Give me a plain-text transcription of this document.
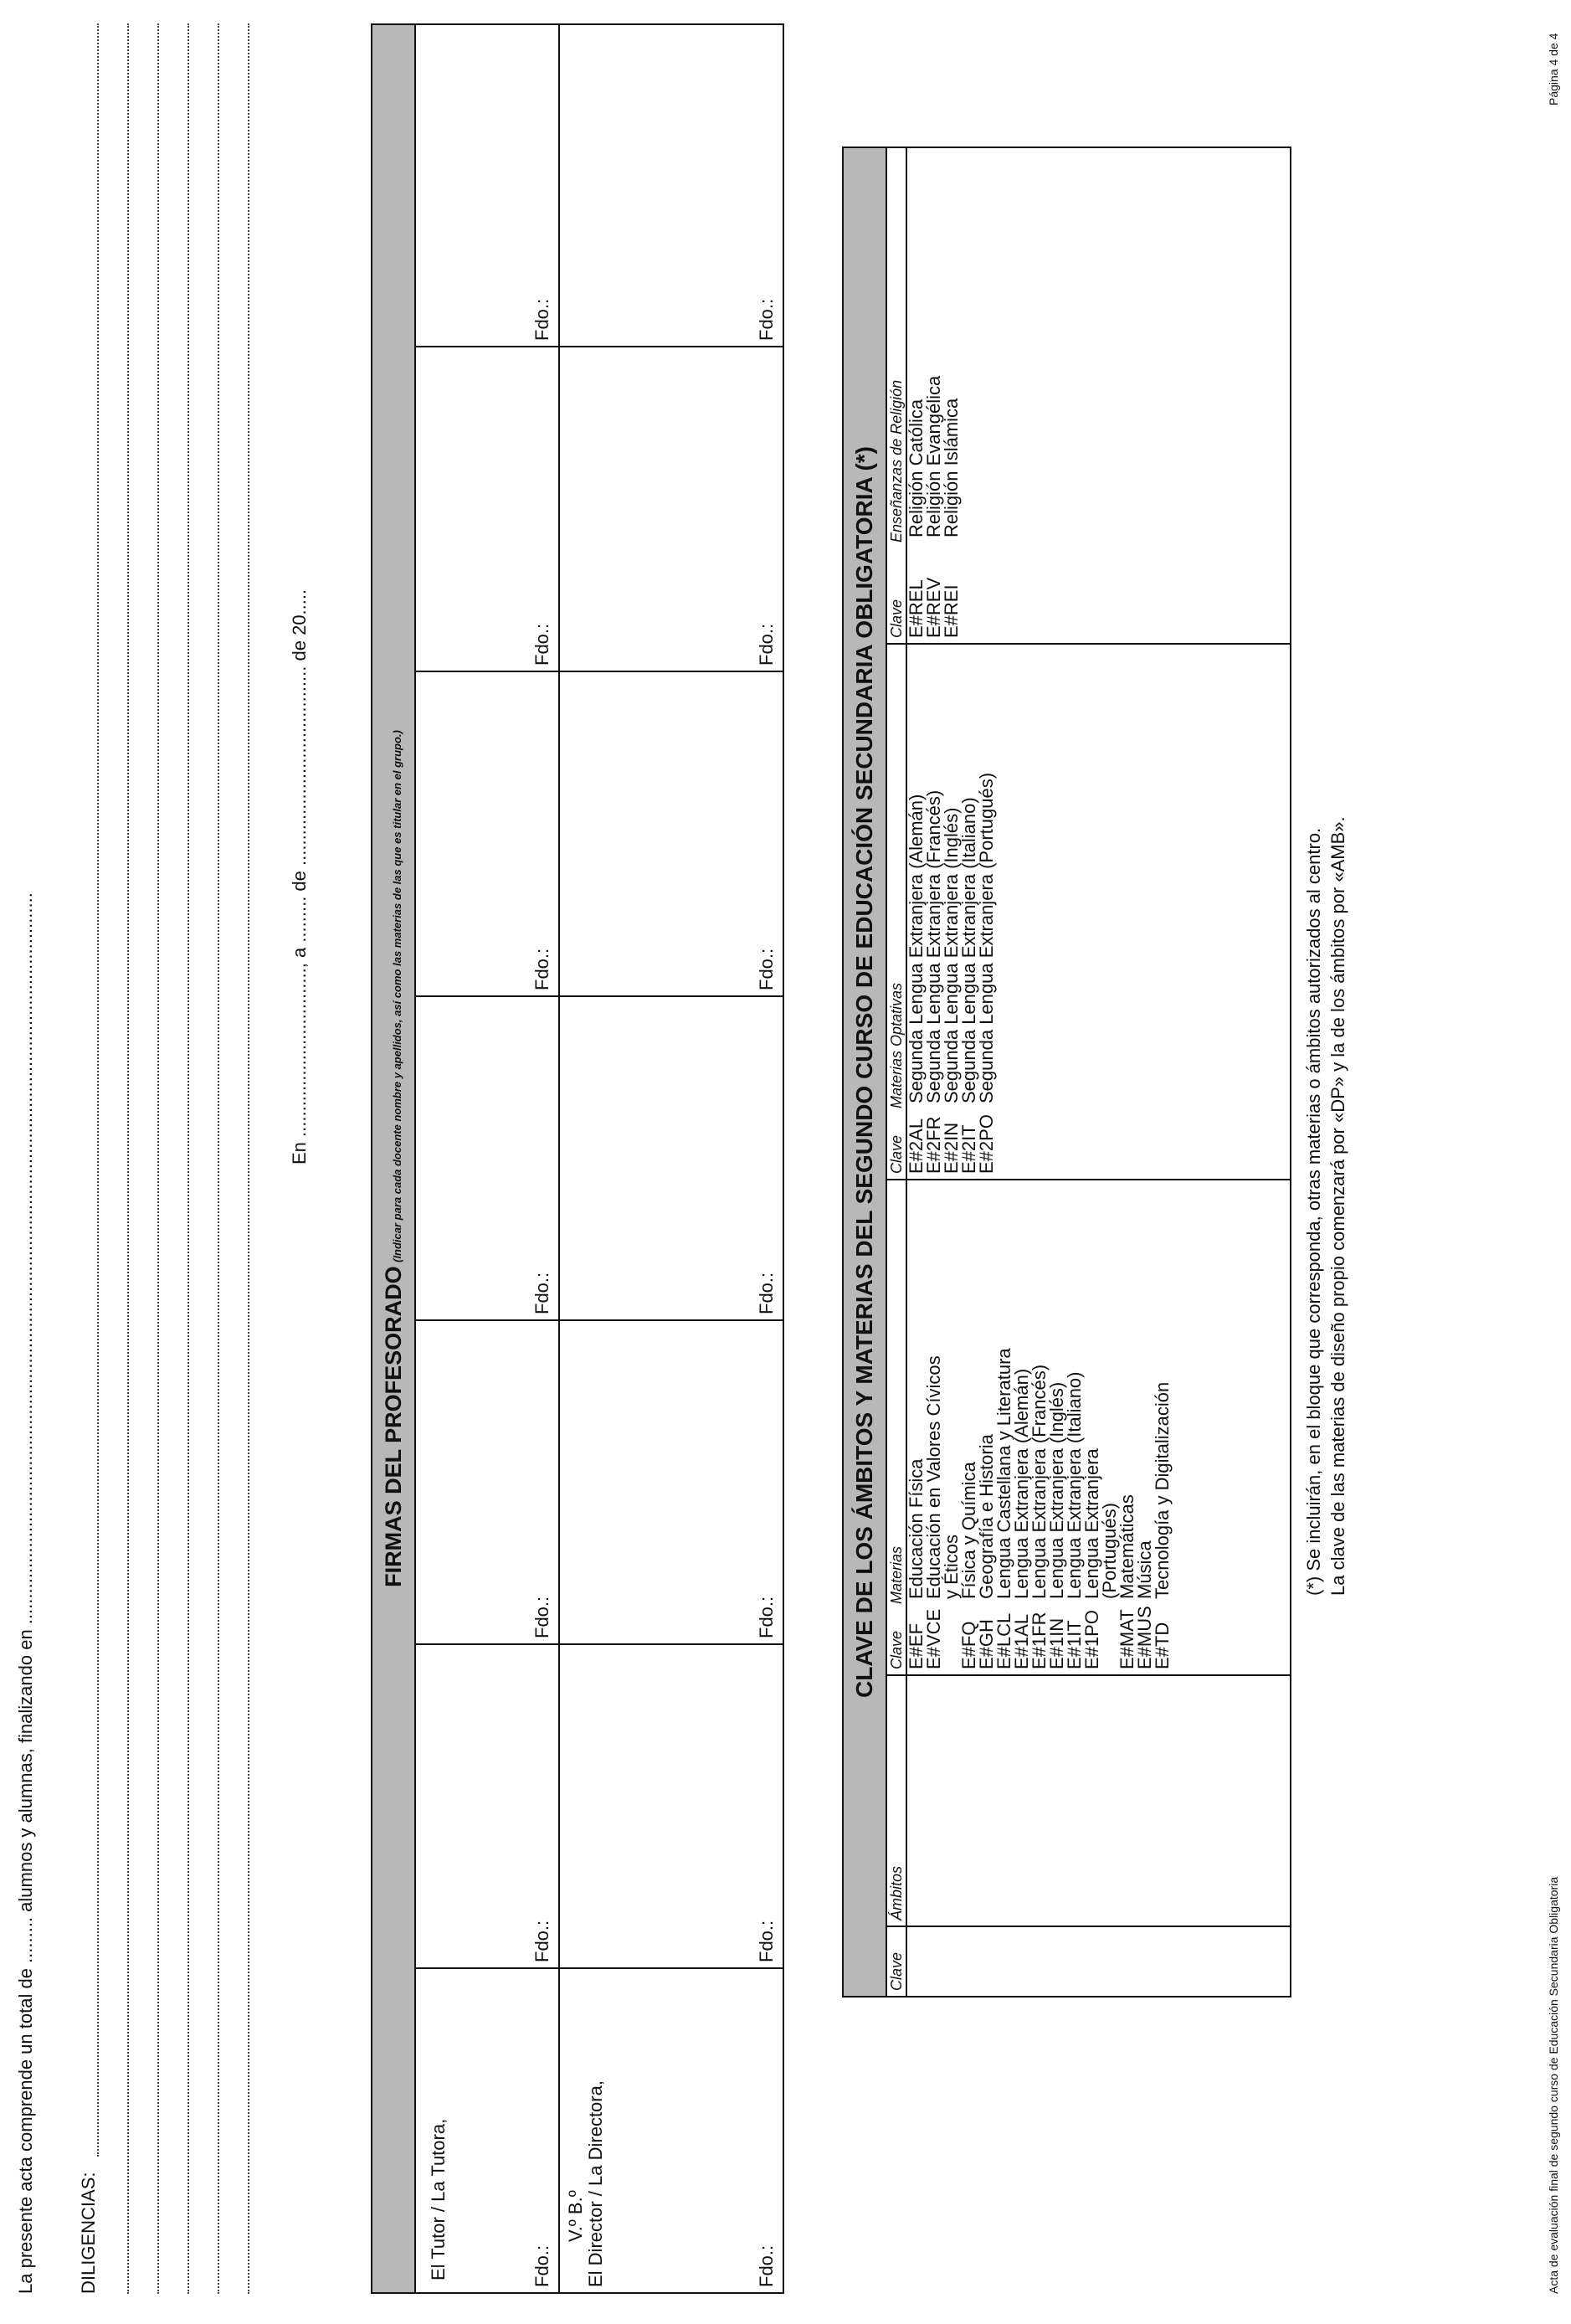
La presente acta comprende un total de ......... alumnos y alumnas, finalizando en ............................................................................................................................................... DILIGENCIAS:
En ................................., a ......... de ....................................... de 20.....
FIRMAS DEL PROFESORADO (Indicar para cada docente nombre y apellidos, así como las materias de las que es titular en el grupo.)
El Tutor / La Tutora,	Fdo.:
Fdo.:
Fdo.:
Fdo.:
Fdo.:
Fdo.:
Fdo.:
V.º B.º El Director / La Directora,	Fdo.:
Fdo.:
Fdo.:
Fdo.:
Fdo.:
Fdo.:
Fdo.:
CLAVE DE LOS ÁMBITOS Y MATERIAS DEL SEGUNDO CURSO DE EDUCACIÓN SECUNDARIA OBLIGATORIA (*)
Clave
Ámbitos
ClaveMaterias
E#EF
Educación Física
E#VCE
Educación en Valores Cívicos y Éticos
E#FQ
Física y Química
E#GH
Geografía e Historia
E#LCL
Lengua Castellana y Literatura
E#1AL
Lengua Extranjera (Alemán)
E#1FR
Lengua Extranjera (Francés)
E#1IN
Lengua Extranjera (Inglés)
E#1IT
Lengua Extranjera (Italiano)
E#1PO
Lengua Extranjera (Portugués)
E#MAT
Matemáticas
E#MUS
Música
E#TD
Tecnología y Digitalización
ClaveMaterias Optativas
E#2AL
Segunda Lengua Extranjera (Alemán)
E#2FR
Segunda Lengua Extranjera (Francés)
E#2IN
Segunda Lengua Extranjera (Inglés)
E#2IT
Segunda Lengua Extranjera (Italiano)
E#2PO
Segunda Lengua Extranjera (Portugués)
ClaveEnseñanzas de Religión
E#REL
Religión Católica
E#REV
Religión Evangélica
E#REI
Religión Islámica
(*) Se incluirán, en el bloque que corresponda, otras materias o ámbitos autorizados al centro. La clave de las materias de diseño propio comenzará por «DP» y la de los ámbitos por «AMB».
Acta de evaluación final de segundo curso de Educación Secundaria Obligatoria
Página 4 de 4
